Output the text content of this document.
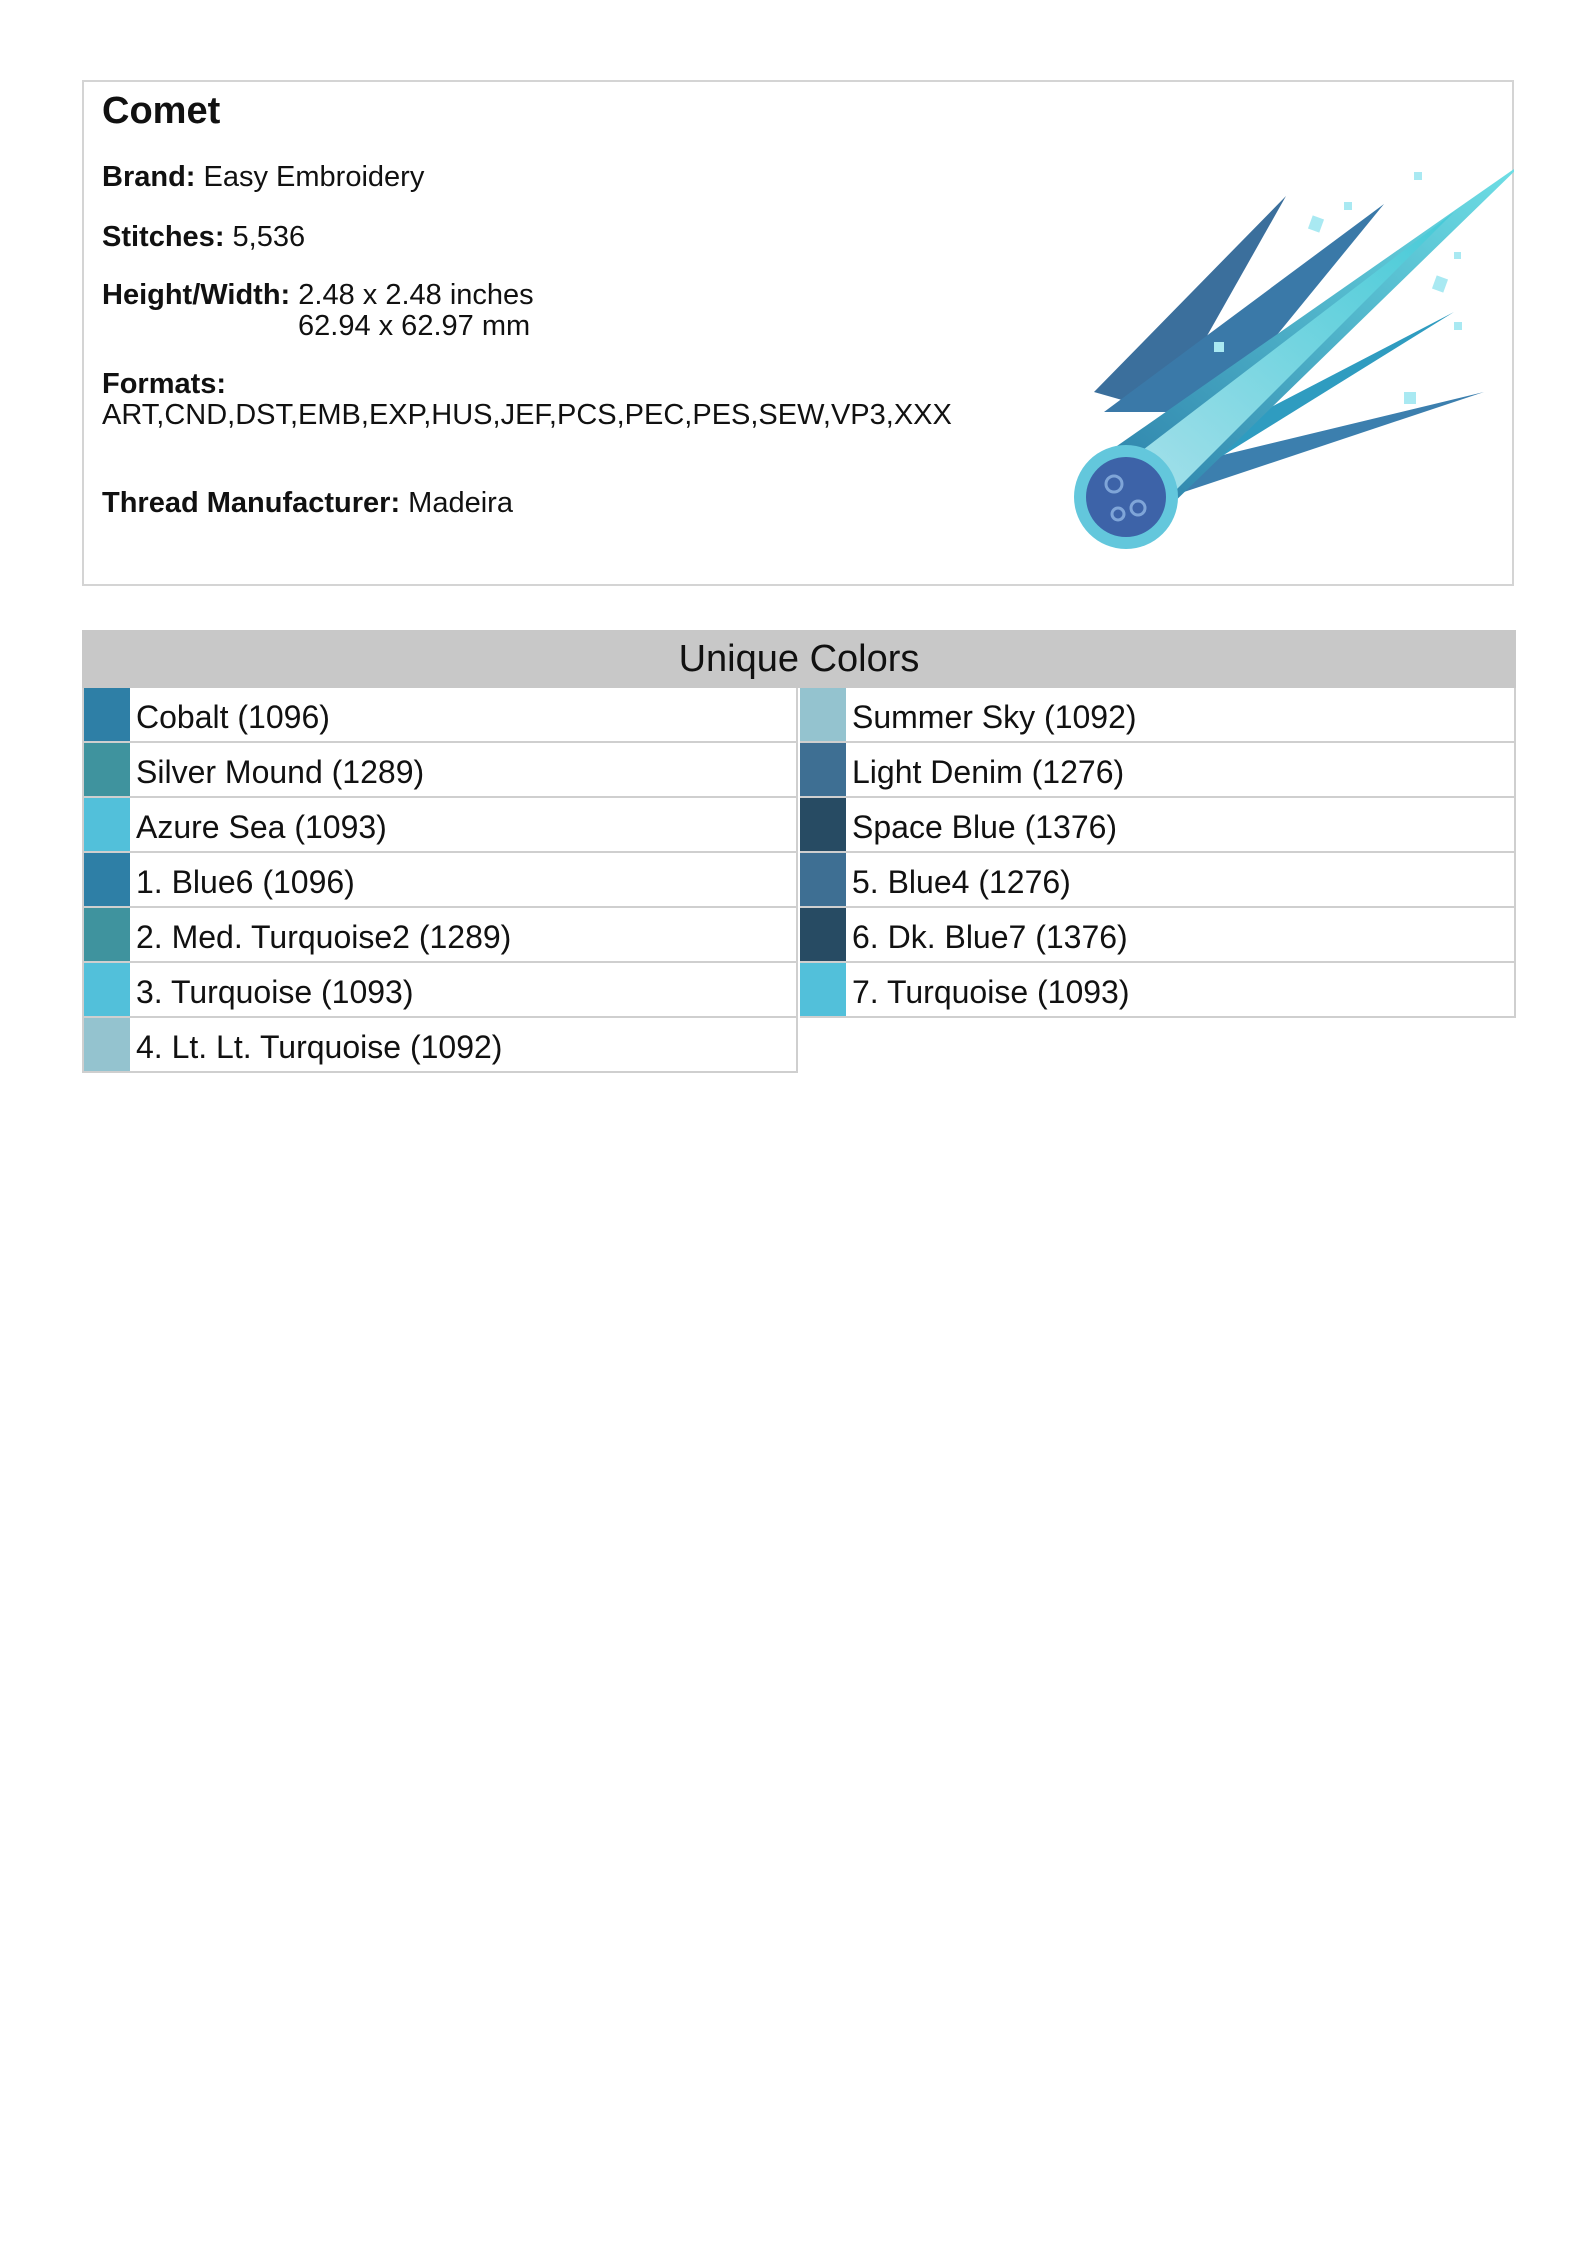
Comet
Brand: Easy Embroidery
Stitches: 5,536
Height/Width: 2.48 x 2.48 inches
62.94 x 62.97 mm
Formats:
ART,CND,DST,EMB,EXP,HUS,JEF,PCS,PEC,PES,SEW,VP3,XXX
Thread Manufacturer: Madeira
Unique Colors
Cobalt (1096)
Silver Mound (1289)
Azure Sea (1093)
1. Blue6 (1096)
2. Med. Turquoise2 (1289)
3. Turquoise (1093)
4. Lt. Lt. Turquoise (1092)
Summer Sky (1092)
Light Denim (1276)
Space Blue (1376)
5. Blue4 (1276)
6. Dk. Blue7 (1376)
7. Turquoise (1093)
